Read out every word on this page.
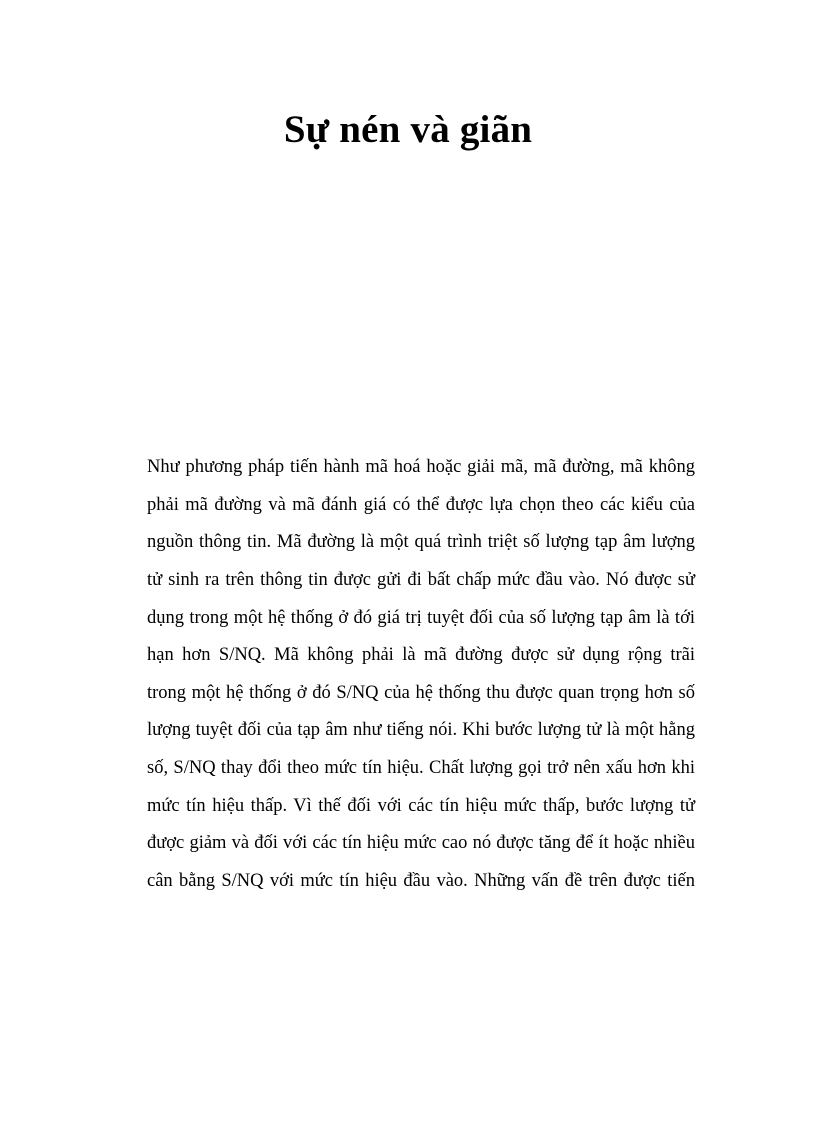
Sự nén và giãn
Như phương pháp tiến hành mã hoá hoặc giải mã, mã đường, mã không
phải mã đường và mã đánh giá có thể được lựa chọn theo các kiểu của
nguồn thông tin. Mã đường là một quá trình triệt số lượng tạp âm lượng
tử sinh ra trên thông tin được gửi đi bất chấp mức đầu vào. Nó được sử
dụng trong một hệ thống ở đó giá trị tuyệt đối của số lượng tạp âm là tới
hạn hơn S/NQ. Mã không phải là mã đường được sử dụng rộng trãi
trong một hệ thống ở đó S/NQ của hệ thống thu được quan trọng hơn số
lượng tuyệt đối của tạp âm như tiếng nói. Khi bước lượng tử là một hằng
số, S/NQ thay đổi theo mức tín hiệu. Chất lượng gọi trở nên xấu hơn khi
mức tín hiệu thấp. Vì thế đối với các tín hiệu mức thấp, bước lượng tử
được giảm và đối với các tín hiệu mức cao nó được tăng để ít hoặc nhiều
cân bằng S/NQ với mức tín hiệu đầu vào. Những vấn đề trên được tiến
